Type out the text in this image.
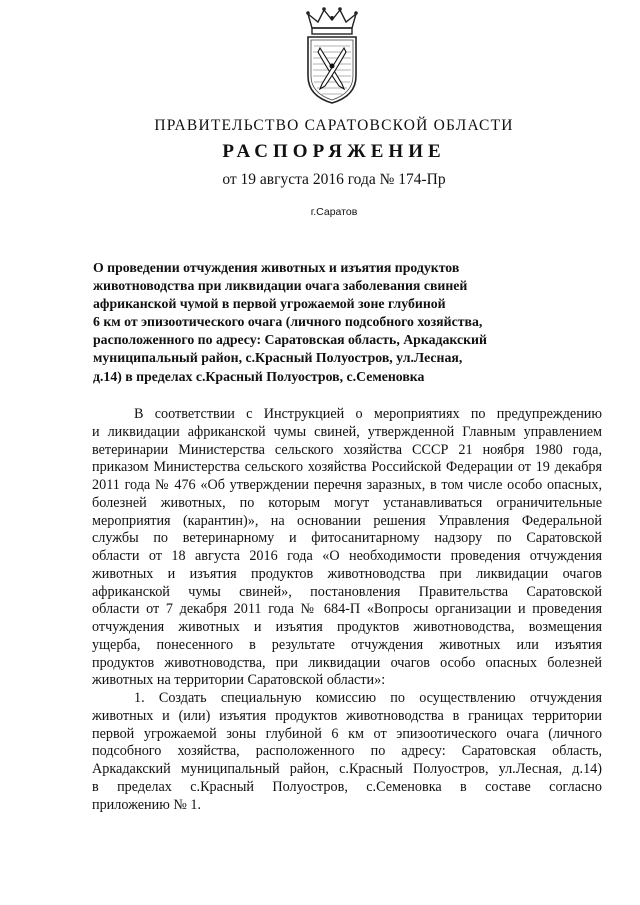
ПРАВИТЕЛЬСТВО САРАТОВСКОЙ ОБЛАСТИ
РАСПОРЯЖЕНИЕ
от 19 августа 2016 года № 174-Пр
г.Саратов
О проведении отчуждения животных и изъятия продуктов
животноводства при ликвидации очага заболевания свиней
африканской чумой в первой угрожаемой зоне глубиной
6 км от эпизоотического очага (личного подсобного хозяйства,
расположенного по адресу: Саратовская область, Аркадакский
муниципальный район, с.Красный Полуостров, ул.Лесная,
д.14) в пределах с.Красный Полуостров, с.Семеновка
В соответствии с Инструкцией о мероприятиях по предупреждению
и ликвидации африканской чумы свиней, утвержденной Главным управлением
ветеринарии Министерства сельского хозяйства СССР 21 ноября 1980 года,
приказом Министерства сельского хозяйства Российской Федерации от 19 декабря
2011 года № 476 «Об утверждении перечня заразных, в том числе особо опасных,
болезней животных, по которым могут устанавливаться ограничительные
мероприятия (карантин)», на основании решения Управления Федеральной
службы по ветеринарному и фитосанитарному надзору по Саратовской
области от 18 августа 2016 года «О необходимости проведения отчуждения
животных и изъятия продуктов животноводства при ликвидации очагов
африканской чумы свиней», постановления Правительства Саратовской
области от 7 декабря 2011 года № 684-П «Вопросы организации и проведения
отчуждения животных и изъятия продуктов животноводства, возмещения
ущерба, понесенного в результате отчуждения животных или изъятия
продуктов животноводства, при ликвидации очагов особо опасных болезней
животных на территории Саратовской области»:
1. Создать специальную комиссию по осуществлению отчуждения
животных и (или) изъятия продуктов животноводства в границах территории
первой угрожаемой зоны глубиной 6 км от эпизоотического очага (личного
подсобного хозяйства, расположенного по адресу: Саратовская область,
Аркадакский муниципальный район, с.Красный Полуостров, ул.Лесная, д.14)
в пределах с.Красный Полуостров, с.Семеновка в составе согласно
приложению № 1.
